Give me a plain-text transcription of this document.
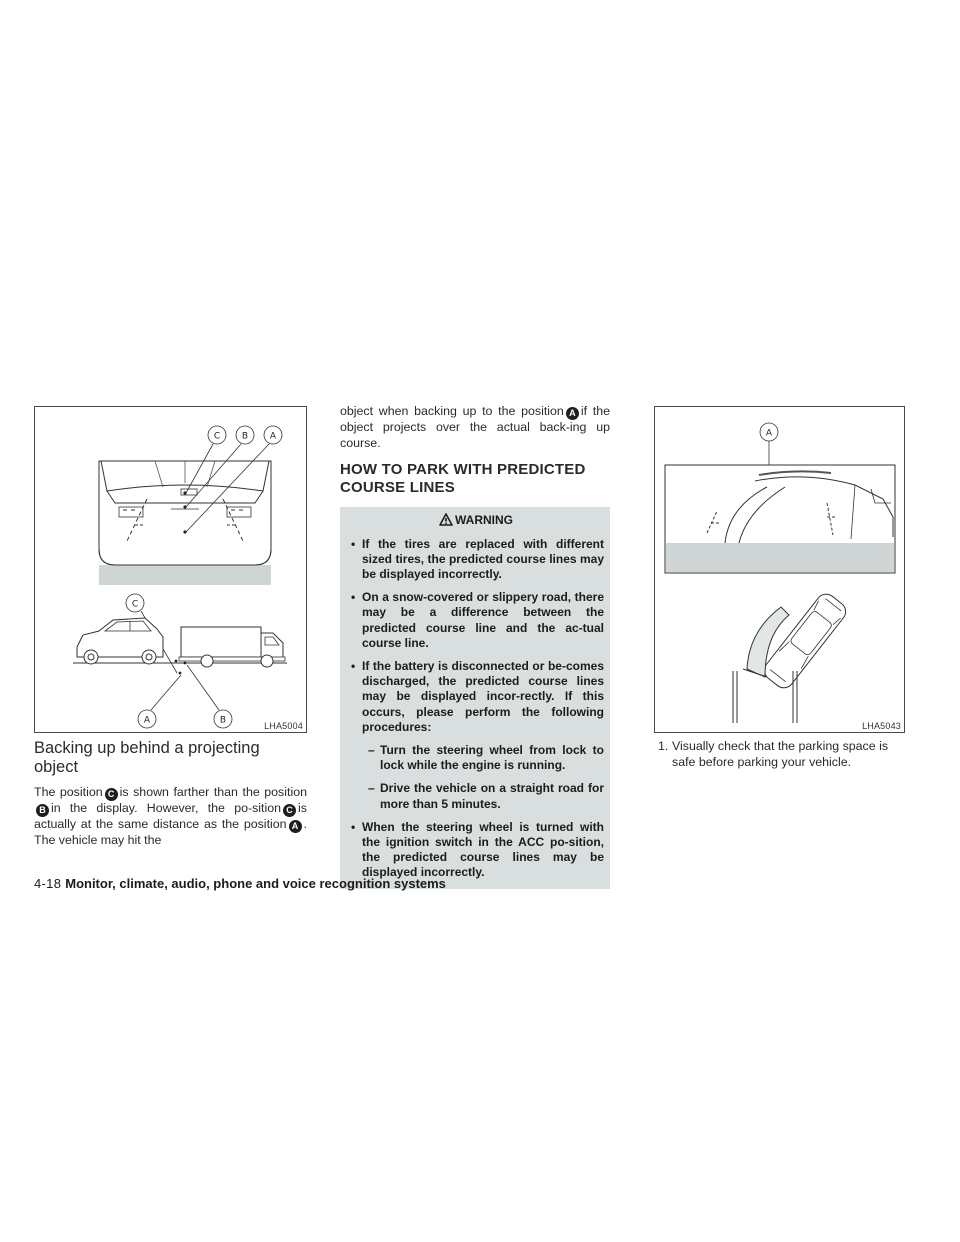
C B A
C
A	B
LHA5004
A
LHA5043
Backing up behind a projecting object

The position C is shown farther than the positionB in the display. However, the po-sition C is actually at the same distance as the position A . The vehicle may hit the

object when backing up to the position A if the object projects over the actual back-ing up course.

HOW TO PARK WITH PREDICTED COURSE LINES
WARNING
• If the tires are replaced with different sized tires, the predicted course lines may be displayed incorrectly.
• On a snow-covered or slippery road, there may be a difference between the predicted course line and the ac-tual course line.
• If the battery is disconnected or be-comes discharged, the predicted course lines may be displayed incor-rectly. If this occurs, please perform the following procedures:
– Turn the steering wheel from lock to lock while the engine is running.
– Drive the vehicle on a straight road for more than 5 minutes.
• When the steering wheel is turned with the ignition switch in the ACC po-sition, the predicted course lines may be displayed incorrectly.
1. Visually check that the parking space is safe before parking your vehicle.
4-18 Monitor, climate, audio, phone and voice recognition systems
